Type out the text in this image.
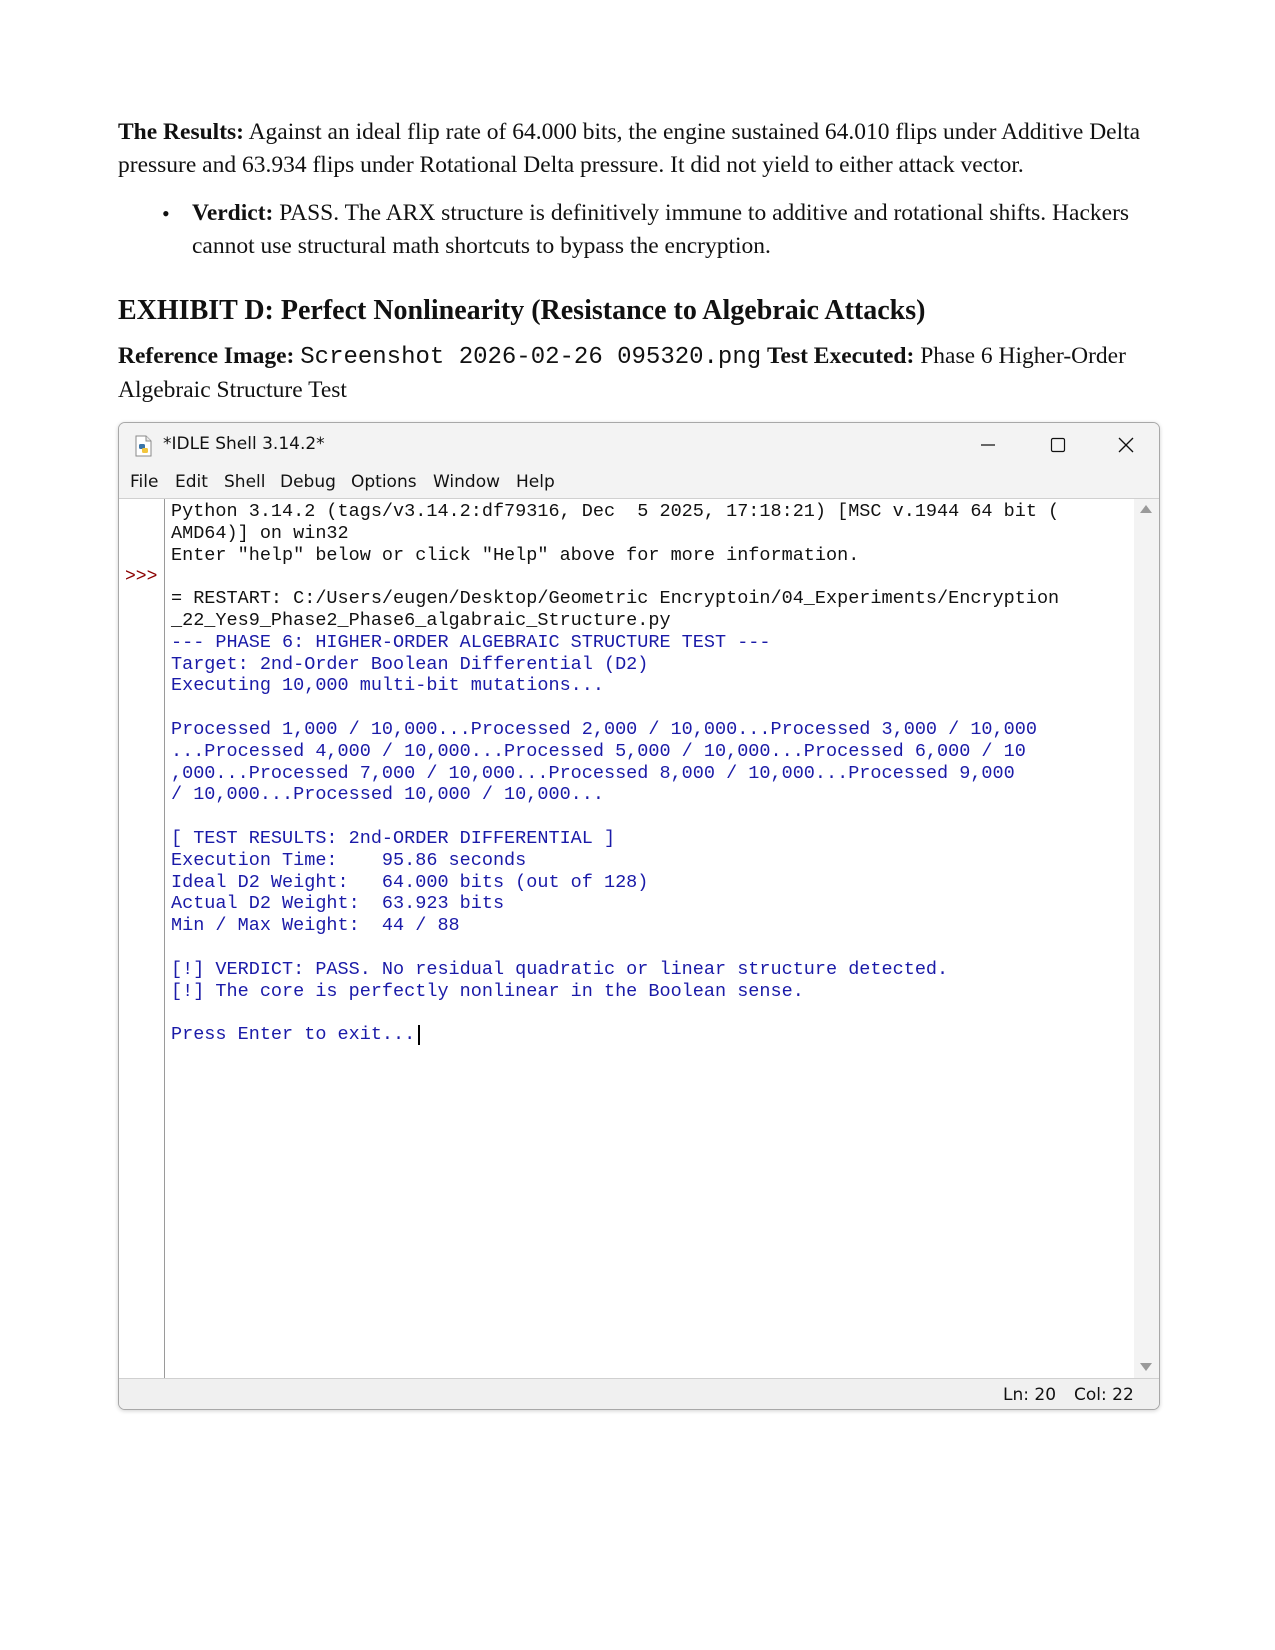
The Results: Against an ideal flip rate of 64.000 bits, the engine sustained 64.010 flips under Additive Delta pressure and 63.934 flips under Rotational Delta pressure. It did not yield to either attack vector.

• Verdict: PASS. The ARX structure is definitively immune to additive and rotational shifts. Hackers cannot use structural math shortcuts to bypass the encryption.
EXHIBIT D: Perfect Nonlinearity (Resistance to Algebraic Attacks)

Reference Image: Screenshot 2026-02-26 095320.png Test Executed: Phase 6 Higher-Order Algebraic Structure Test

*IDLE Shell 3.14.2*
File Edit Shell Debug Options Window Help
>>>
Python 3.14.2 (tags/v3.14.2:df79316, Dec  5 2025, 17:18:21) [MSC v.1944 64 bit (
AMD64)] on win32
Enter "help" below or click "Help" above for more information.
= RESTART: C:/Users/eugen/Desktop/Geometric Encryptoin/04_Experiments/Encryption
_22_Yes9_Phase2_Phase6_algabraic_Structure.py
--- PHASE 6: HIGHER-ORDER ALGEBRAIC STRUCTURE TEST ---
Target: 2nd-Order Boolean Differential (D2)
Executing 10,000 multi-bit mutations...
Processed 1,000 / 10,000...Processed 2,000 / 10,000...Processed 3,000 / 10,000
...Processed 4,000 / 10,000...Processed 5,000 / 10,000...Processed 6,000 / 10
,000...Processed 7,000 / 10,000...Processed 8,000 / 10,000...Processed 9,000
/ 10,000...Processed 10,000 / 10,000...
[ TEST RESULTS: 2nd-ORDER DIFFERENTIAL ]
Execution Time:    95.86 seconds
Ideal D2 Weight:   64.000 bits (out of 128)
Actual D2 Weight:  63.923 bits
Min / Max Weight:  44 / 88
[!] VERDICT: PASS. No residual quadratic or linear structure detected.
[!] The core is perfectly nonlinear in the Boolean sense.
Press Enter to exit...
Ln: 20 Col: 22
